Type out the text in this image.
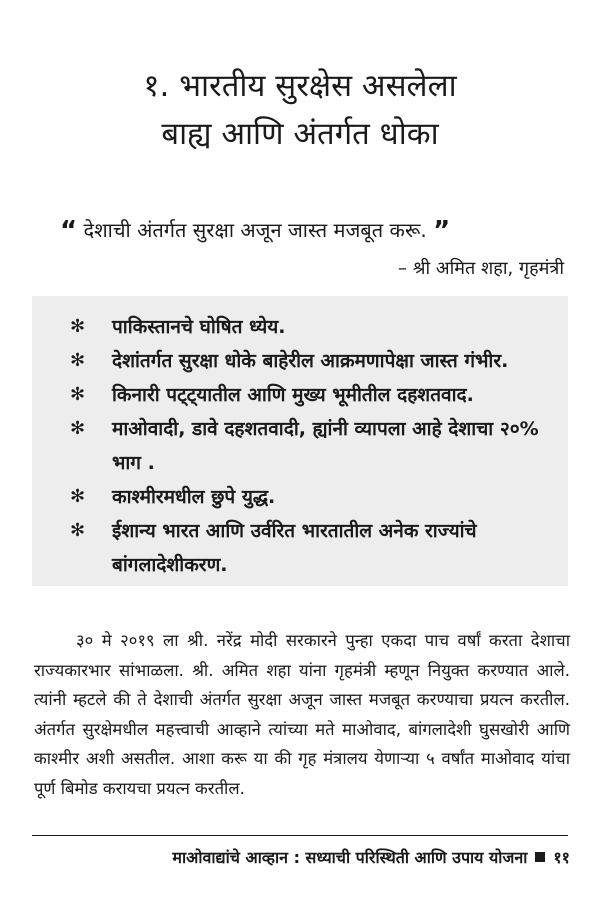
१. भारतीय सुरक्षेस असलेला
बाह्य आणि अंतर्गत धोका
“ देशाची अंतर्गत सुरक्षा अजून जास्त मजबूत करू. ”
– श्री अमित शहा, गृहमंत्री
✻ पाकिस्तानचे घोषित ध्येय.
✻ देशांतर्गत सुरक्षा धोके बाहेरील आक्रमणापेक्षा जास्त गंभीर.
✻ किनारी पट्ट्यातील आणि मुख्य भूमीतील दहशतवाद.
✻ माओवादी, डावे दहशतवादी, ह्यांनी व्यापला आहे देशाचा २०% भाग .
✻ काश्मीरमधील छुपे युद्ध.
✻ ईशान्य भारत आणि उर्वरित भारतातील अनेक राज्यांचे बांगलादेशीकरण.

३० मे २०१९ ला श्री. नरेंद्र मोदी सरकारने पुन्हा एकदा पाच वर्षां करता देशाचा राज्यकारभार सांभाळला. श्री. अमित शहा यांना गृहमंत्री म्हणून नियुक्त करण्यात आले. त्यांनी म्हटले की ते देशाची अंतर्गत सुरक्षा अजून जास्त मजबूत करण्याचा प्रयत्न करतील. अंतर्गत सुरक्षेमधील महत्त्वाची आव्हाने त्यांच्या मते माओवाद, बांगलादेशी घुसखोरी आणि काश्मीर अशी असतील. आशा करू या की गृह मंत्रालय येणाऱ्या ५ वर्षांत माओवाद यांचा पूर्ण बिमोड करायचा प्रयत्न करतील.

माओवाद्यांचे आव्हान : सध्याची परिस्थिती आणि उपाय योजना ११
